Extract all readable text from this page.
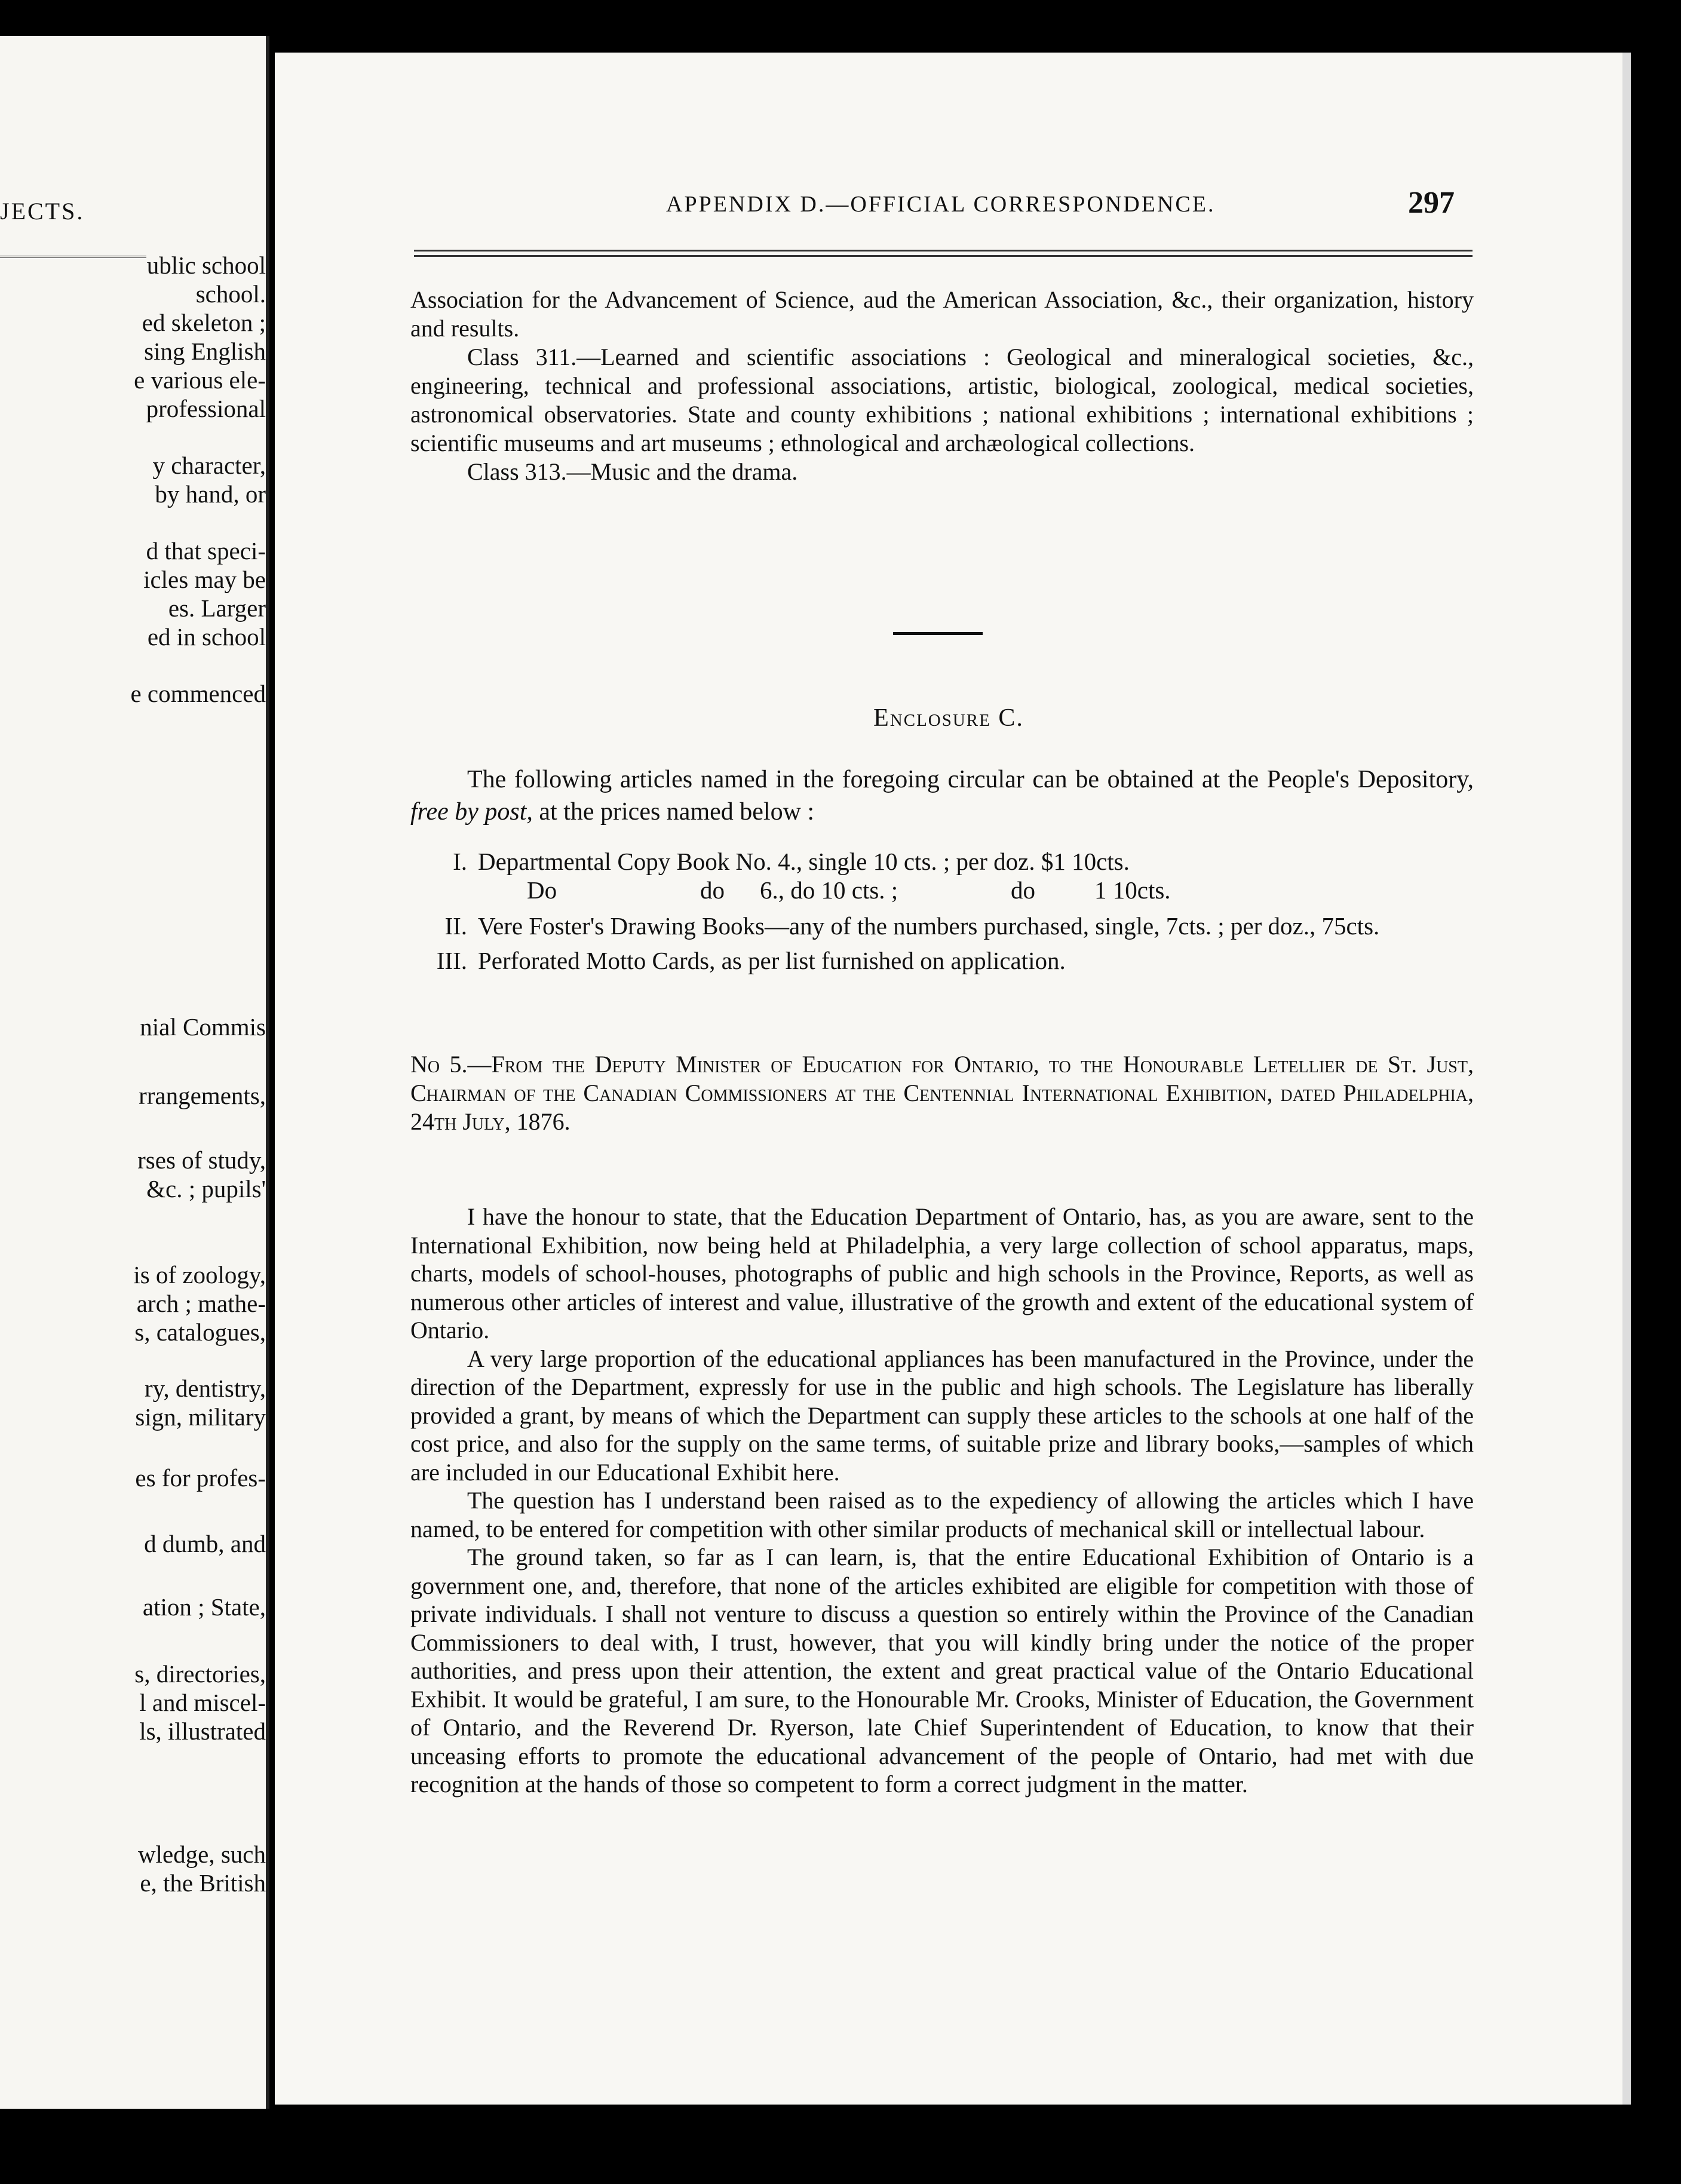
JECTS.
ublic school
school.
ed skeleton ;
sing English
e various ele-
professional
y character,
by hand, or
d that speci-
icles may be
es. Larger
ed in school
e commenced
nial Commis
rrangements,
rses of study,
&c. ; pupils'
is of zoology,
arch ; mathe-
s, catalogues,
ry, dentistry,
sign, military
es for profes-
d dumb, and
ation ; State,
s, directories,
l and miscel-
ls, illustrated
wledge, such
e, the British
APPENDIX D.—OFFICIAL CORRESPONDENCE.	297

Association for the Advancement of Science, aud the American Association, &c., their organization, history and results.

Class 311.—Learned and scientific associations : Geological and mineralogical societies, &c., engineering, technical and professional associations, artistic, biological, zoological, medical societies, astronomical observatories. State and county exhibitions ; national exhibitions ; international exhibitions ; scientific museums and art museums ; ethnological and archæological collections.

Class 313.—Music and the drama.

Enclosure C.

The following articles named in the foregoing circular can be obtained at the People's Depository, free by post, at the prices named below :

I. Departmental Copy Book No. 4., single 10 cts. ; per doz. $1 10cts.
Do	do	6., do 10 cts. ;	do	1 10cts.
II. Vere Foster's Drawing Books—any of the numbers purchased, single, 7cts. ; per doz., 75cts.
III. Perforated Motto Cards, as per list furnished on application.
No 5.—From the Deputy Minister of Education for Ontario, to the Honourable Letellier de St. Just, Chairman of the Canadian Commissioners at the Centennial International Exhibition, dated Philadelphia, 24th July, 1876.

I have the honour to state, that the Education Department of Ontario, has, as you are aware, sent to the International Exhibition, now being held at Philadelphia, a very large collection of school apparatus, maps, charts, models of school-houses, photographs of public and high schools in the Province, Reports, as well as numerous other articles of interest and value, illustrative of the growth and extent of the educational system of Ontario.

A very large proportion of the educational appliances has been manufactured in the Province, under the direction of the Department, expressly for use in the public and high schools. The Legislature has liberally provided a grant, by means of which the Department can supply these articles to the schools at one half of the cost price, and also for the supply on the same terms, of suitable prize and library books,—samples of which are included in our Educational Exhibit here.

The question has I understand been raised as to the expediency of allowing the articles which I have named, to be entered for competition with other similar products of mechanical skill or intellectual labour.

The ground taken, so far as I can learn, is, that the entire Educational Exhibition of Ontario is a government one, and, therefore, that none of the articles exhibited are eligible for competition with those of private individuals. I shall not venture to discuss a question so entirely within the Province of the Canadian Commissioners to deal with, I trust, however, that you will kindly bring under the notice of the proper authorities, and press upon their attention, the extent and great practical value of the Ontario Educational Exhibit. It would be grateful, I am sure, to the Honourable Mr. Crooks, Minister of Education, the Government of Ontario, and the Reverend Dr. Ryerson, late Chief Superintendent of Education, to know that their unceasing efforts to promote the educational advancement of the people of Ontario, had met with due recognition at the hands of those so competent to form a correct judgment in the matter.
